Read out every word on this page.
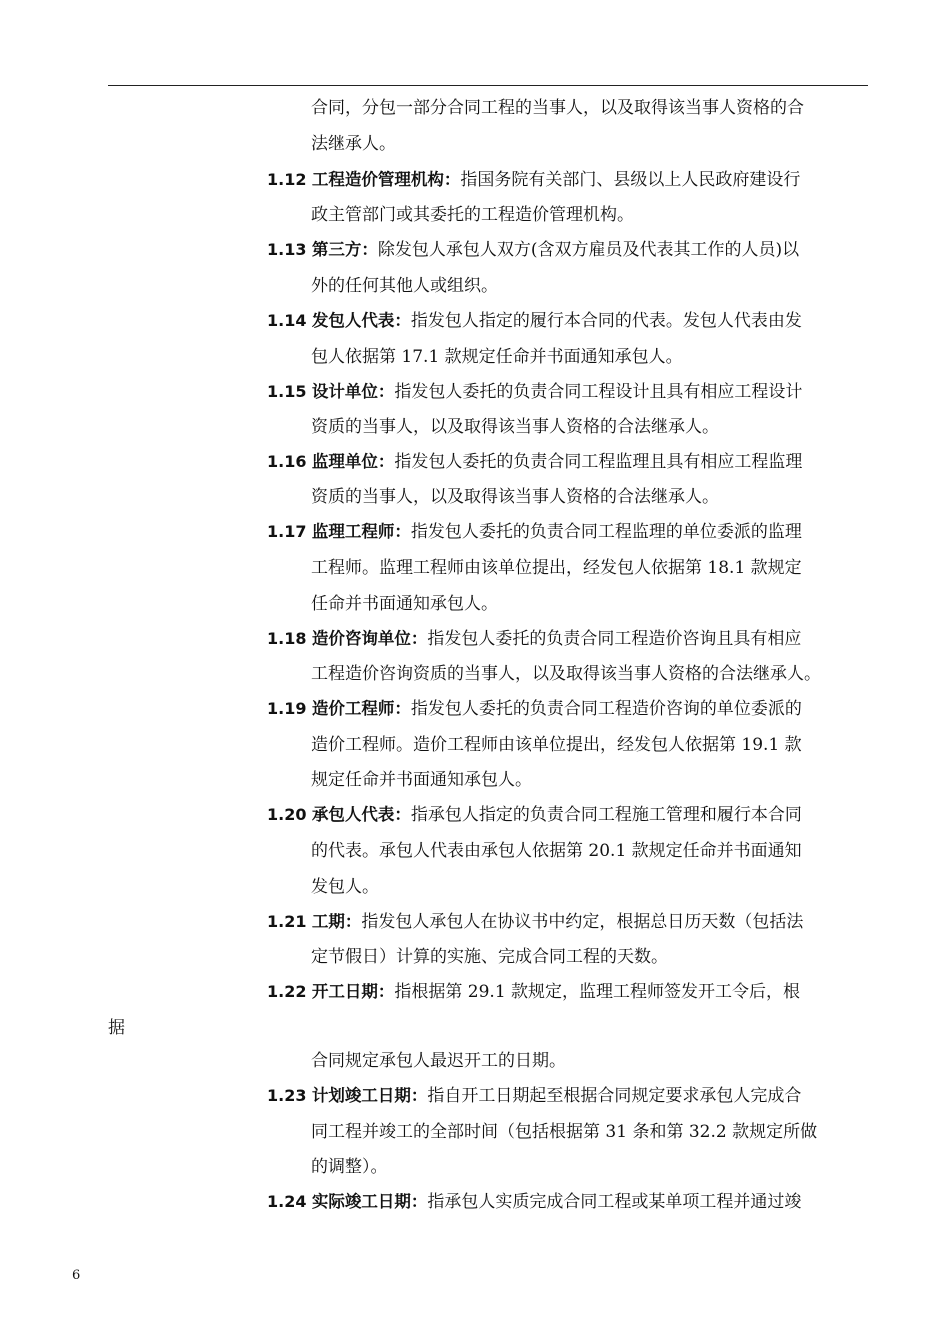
合同，分包一部分合同工程的当事人，以及取得该当事人资格的合
法继承人。
1.12 工程造价管理机构：指国务院有关部门、县级以上人民政府建设行
政主管部门或其委托的工程造价管理机构。
1.13 第三方：除发包人承包人双方(含双方雇员及代表其工作的人员)以
外的任何其他人或组织。
1.14 发包人代表：指发包人指定的履行本合同的代表。发包人代表由发
包人依据第 17.1 款规定任命并书面通知承包人。
1.15 设计单位：指发包人委托的负责合同工程设计且具有相应工程设计
资质的当事人，以及取得该当事人资格的合法继承人。
1.16 监理单位：指发包人委托的负责合同工程监理且具有相应工程监理
资质的当事人，以及取得该当事人资格的合法继承人。
1.17 监理工程师：指发包人委托的负责合同工程监理的单位委派的监理
工程师。监理工程师由该单位提出，经发包人依据第 18.1 款规定
任命并书面通知承包人。
1.18 造价咨询单位：指发包人委托的负责合同工程造价咨询且具有相应
工程造价咨询资质的当事人，以及取得该当事人资格的合法继承人。
1.19 造价工程师：指发包人委托的负责合同工程造价咨询的单位委派的
造价工程师。造价工程师由该单位提出，经发包人依据第 19.1 款
规定任命并书面通知承包人。
1.20 承包人代表：指承包人指定的负责合同工程施工管理和履行本合同
的代表。承包人代表由承包人依据第 20.1 款规定任命并书面通知
发包人。
1.21 工期：指发包人承包人在协议书中约定，根据总日历天数（包括法
定节假日）计算的实施、完成合同工程的天数。
1.22 开工日期：指根据第 29.1 款规定，监理工程师签发开工令后，根
据
合同规定承包人最迟开工的日期。
1.23 计划竣工日期：指自开工日期起至根据合同规定要求承包人完成合
同工程并竣工的全部时间（包括根据第 31 条和第 32.2 款规定所做
的调整）。
1.24 实际竣工日期：指承包人实质完成合同工程或某单项工程并通过竣
6
